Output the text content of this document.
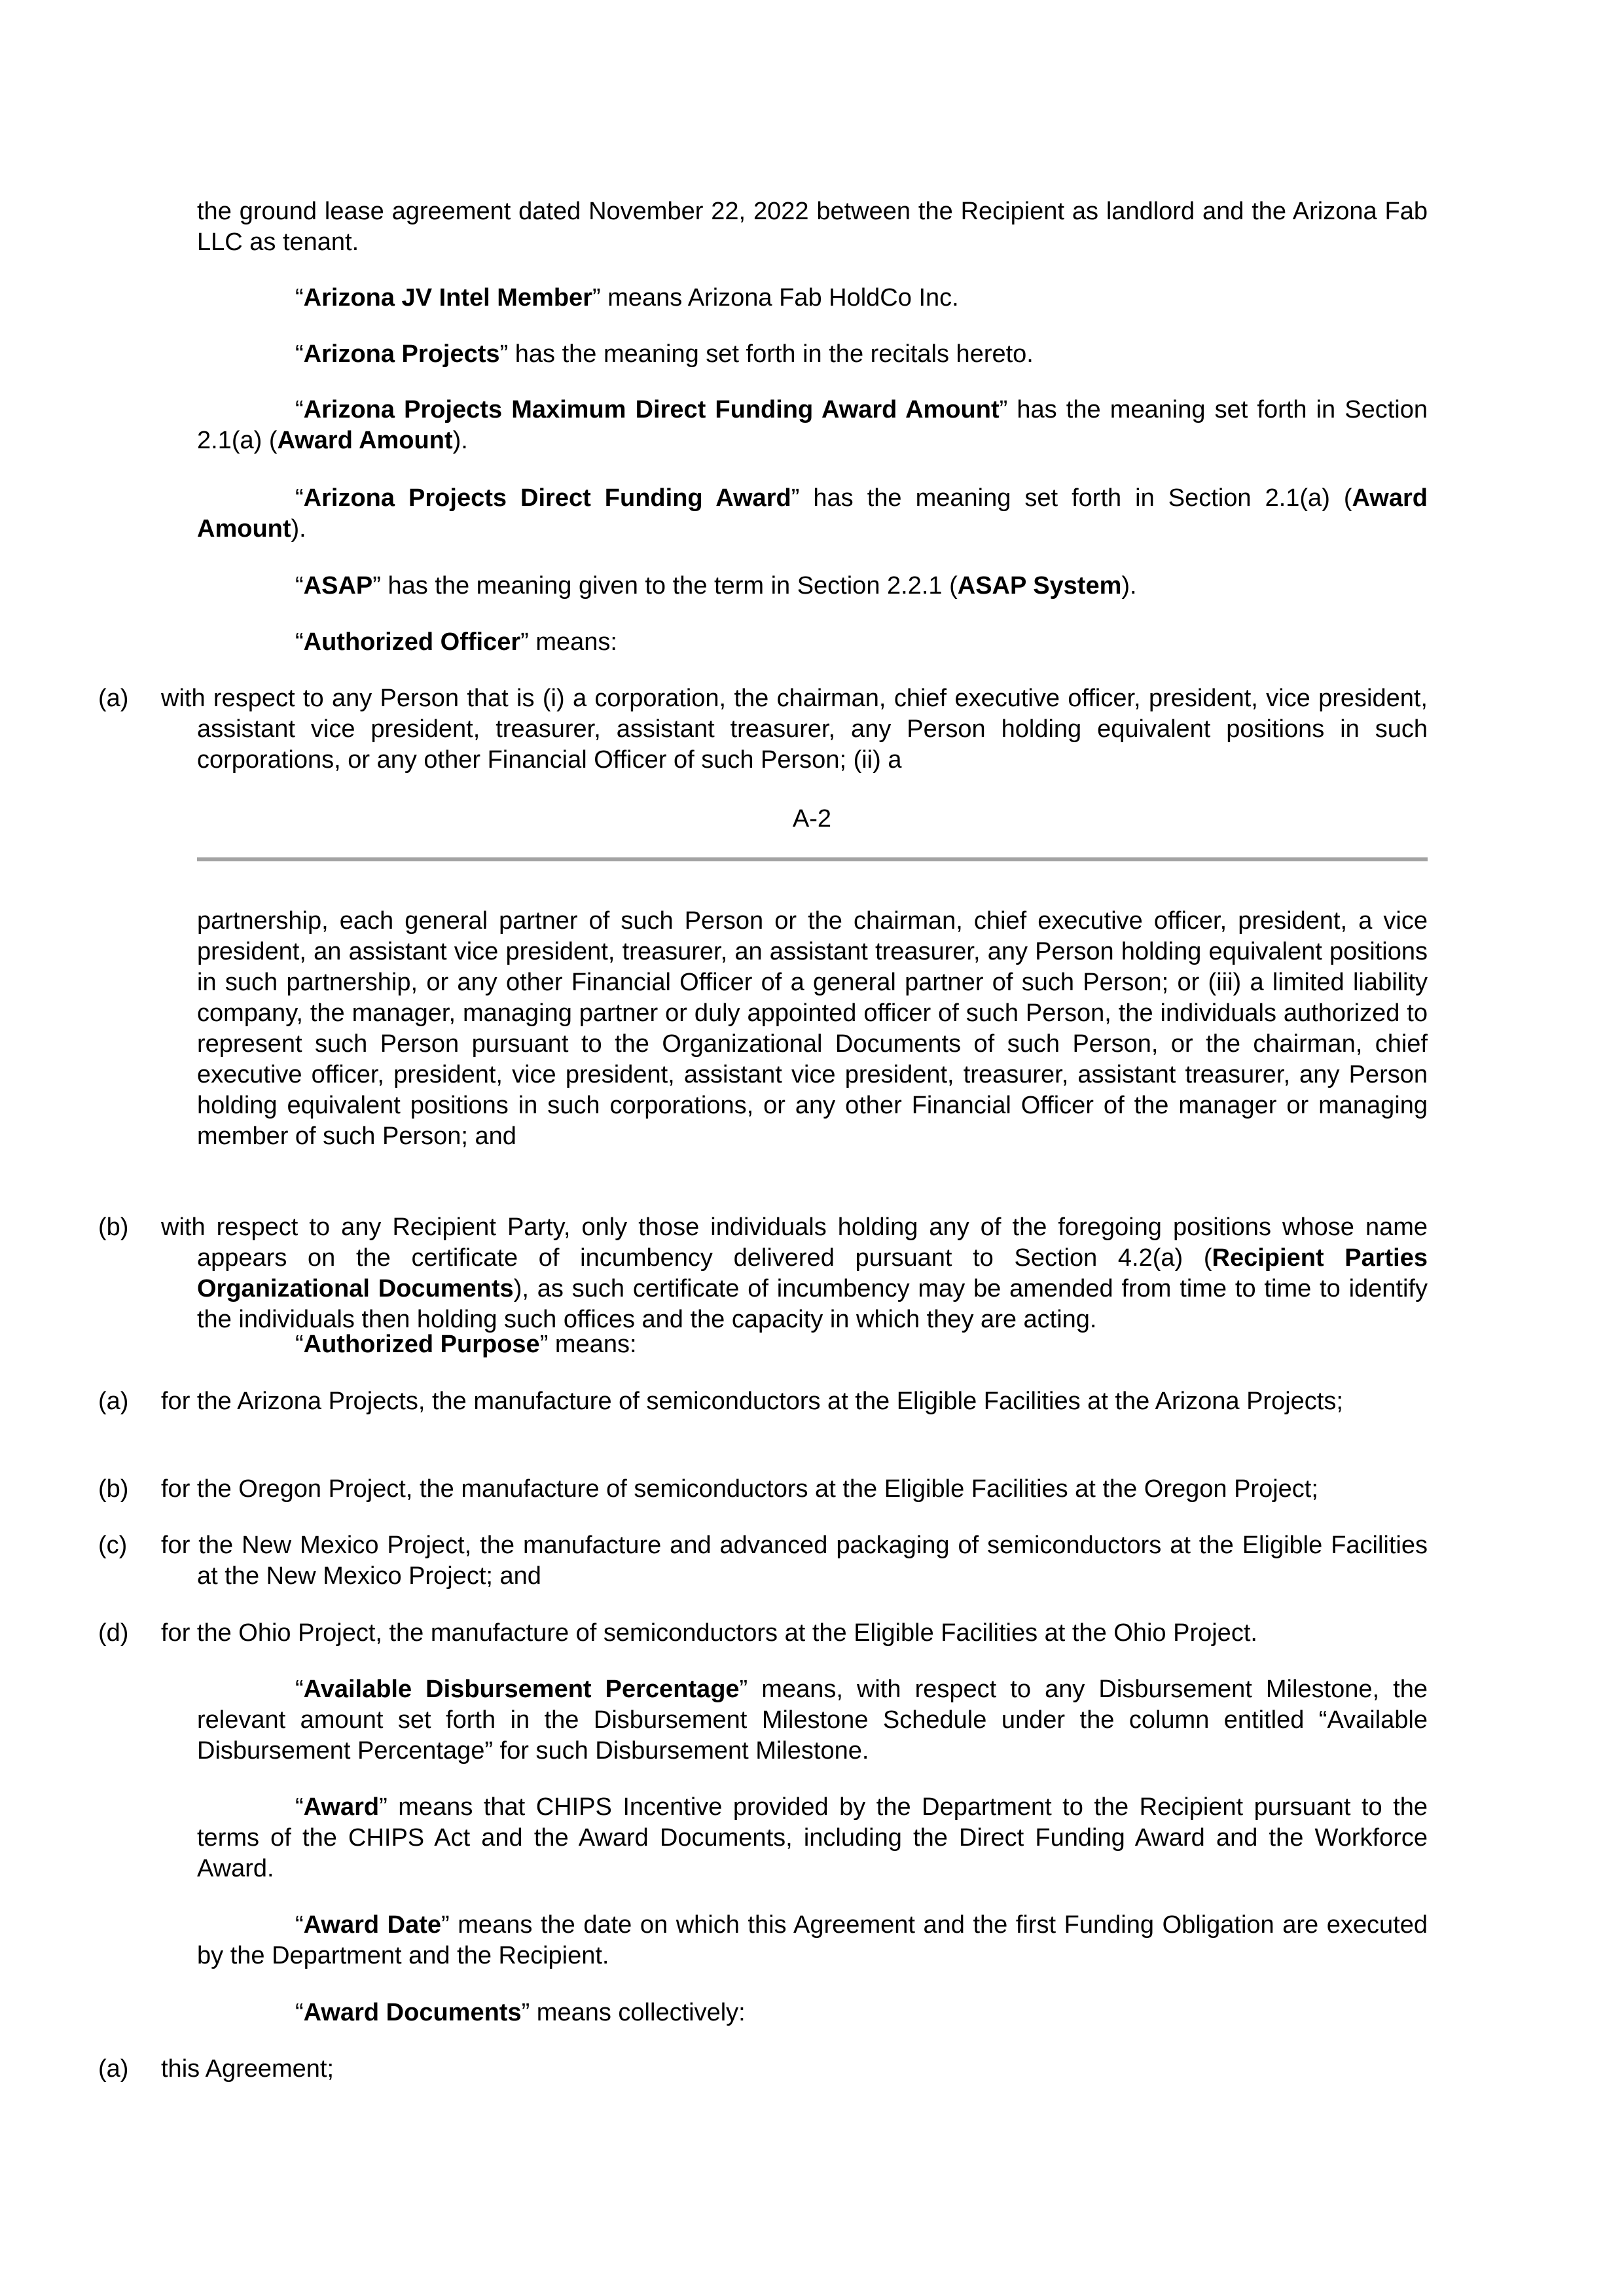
the ground lease agreement dated November 22, 2022 between the Recipient as landlord and the Arizona Fab LLC as tenant.

“Arizona JV Intel Member” means Arizona Fab HoldCo Inc.

“Arizona Projects” has the meaning set forth in the recitals hereto.

“Arizona Projects Maximum Direct Funding Award Amount” has the meaning set forth in Section 2.1(a) (Award Amount).

“Arizona Projects Direct Funding Award” has the meaning set forth in Section 2.1(a) (Award Amount).

“ASAP” has the meaning given to the term in Section 2.2.1 (ASAP System).

“Authorized Officer” means:

(a)	with respect to any Person that is (i) a corporation, the chairman, chief executive officer, president, vice president, assistant vice president, treasurer, assistant treasurer, any Person holding equivalent positions in such corporations, or any other Financial Officer of such Person; (ii) a
A-2

partnership, each general partner of such Person or the chairman, chief executive officer, president, a vice president, an assistant vice president, treasurer, an assistant treasurer, any Person holding equivalent positions in such partnership, or any other Financial Officer of a general partner of such Person; or (iii) a limited liability company, the manager, managing partner or duly appointed officer of such Person, the individuals authorized to represent such Person pursuant to the Organizational Documents of such Person, or the chairman, chief executive officer, president, vice president, assistant vice president, treasurer, assistant treasurer, any Person holding equivalent positions in such corporations, or any other Financial Officer of the manager or managing member of such Person; and

(b)	with respect to any Recipient Party, only those individuals holding any of the foregoing positions whose name appears on the certificate of incumbency delivered pursuant to Section 4.2(a) (Recipient Parties Organizational Documents), as such certificate of incumbency may be amended from time to time to identify the individuals then holding such offices and the capacity in which they are acting.

“Authorized Purpose” means:

(a)	for the Arizona Projects, the manufacture of semiconductors at the Eligible Facilities at the Arizona Projects;
(b)	for the Oregon Project, the manufacture of semiconductors at the Eligible Facilities at the Oregon Project;
(c)	for the New Mexico Project, the manufacture and advanced packaging of semiconductors at the Eligible Facilities at the New Mexico Project; and
(d)	for the Ohio Project, the manufacture of semiconductors at the Eligible Facilities at the Ohio Project.

“Available Disbursement Percentage” means, with respect to any Disbursement Milestone, the relevant amount set forth in the Disbursement Milestone Schedule under the column entitled “Available Disbursement Percentage” for such Disbursement Milestone.

“Award” means that CHIPS Incentive provided by the Department to the Recipient pursuant to the terms of the CHIPS Act and the Award Documents, including the Direct Funding Award and the Workforce Award.

“Award Date” means the date on which this Agreement and the first Funding Obligation are executed by the Department and the Recipient.

“Award Documents” means collectively:

(a)	this Agreement;
